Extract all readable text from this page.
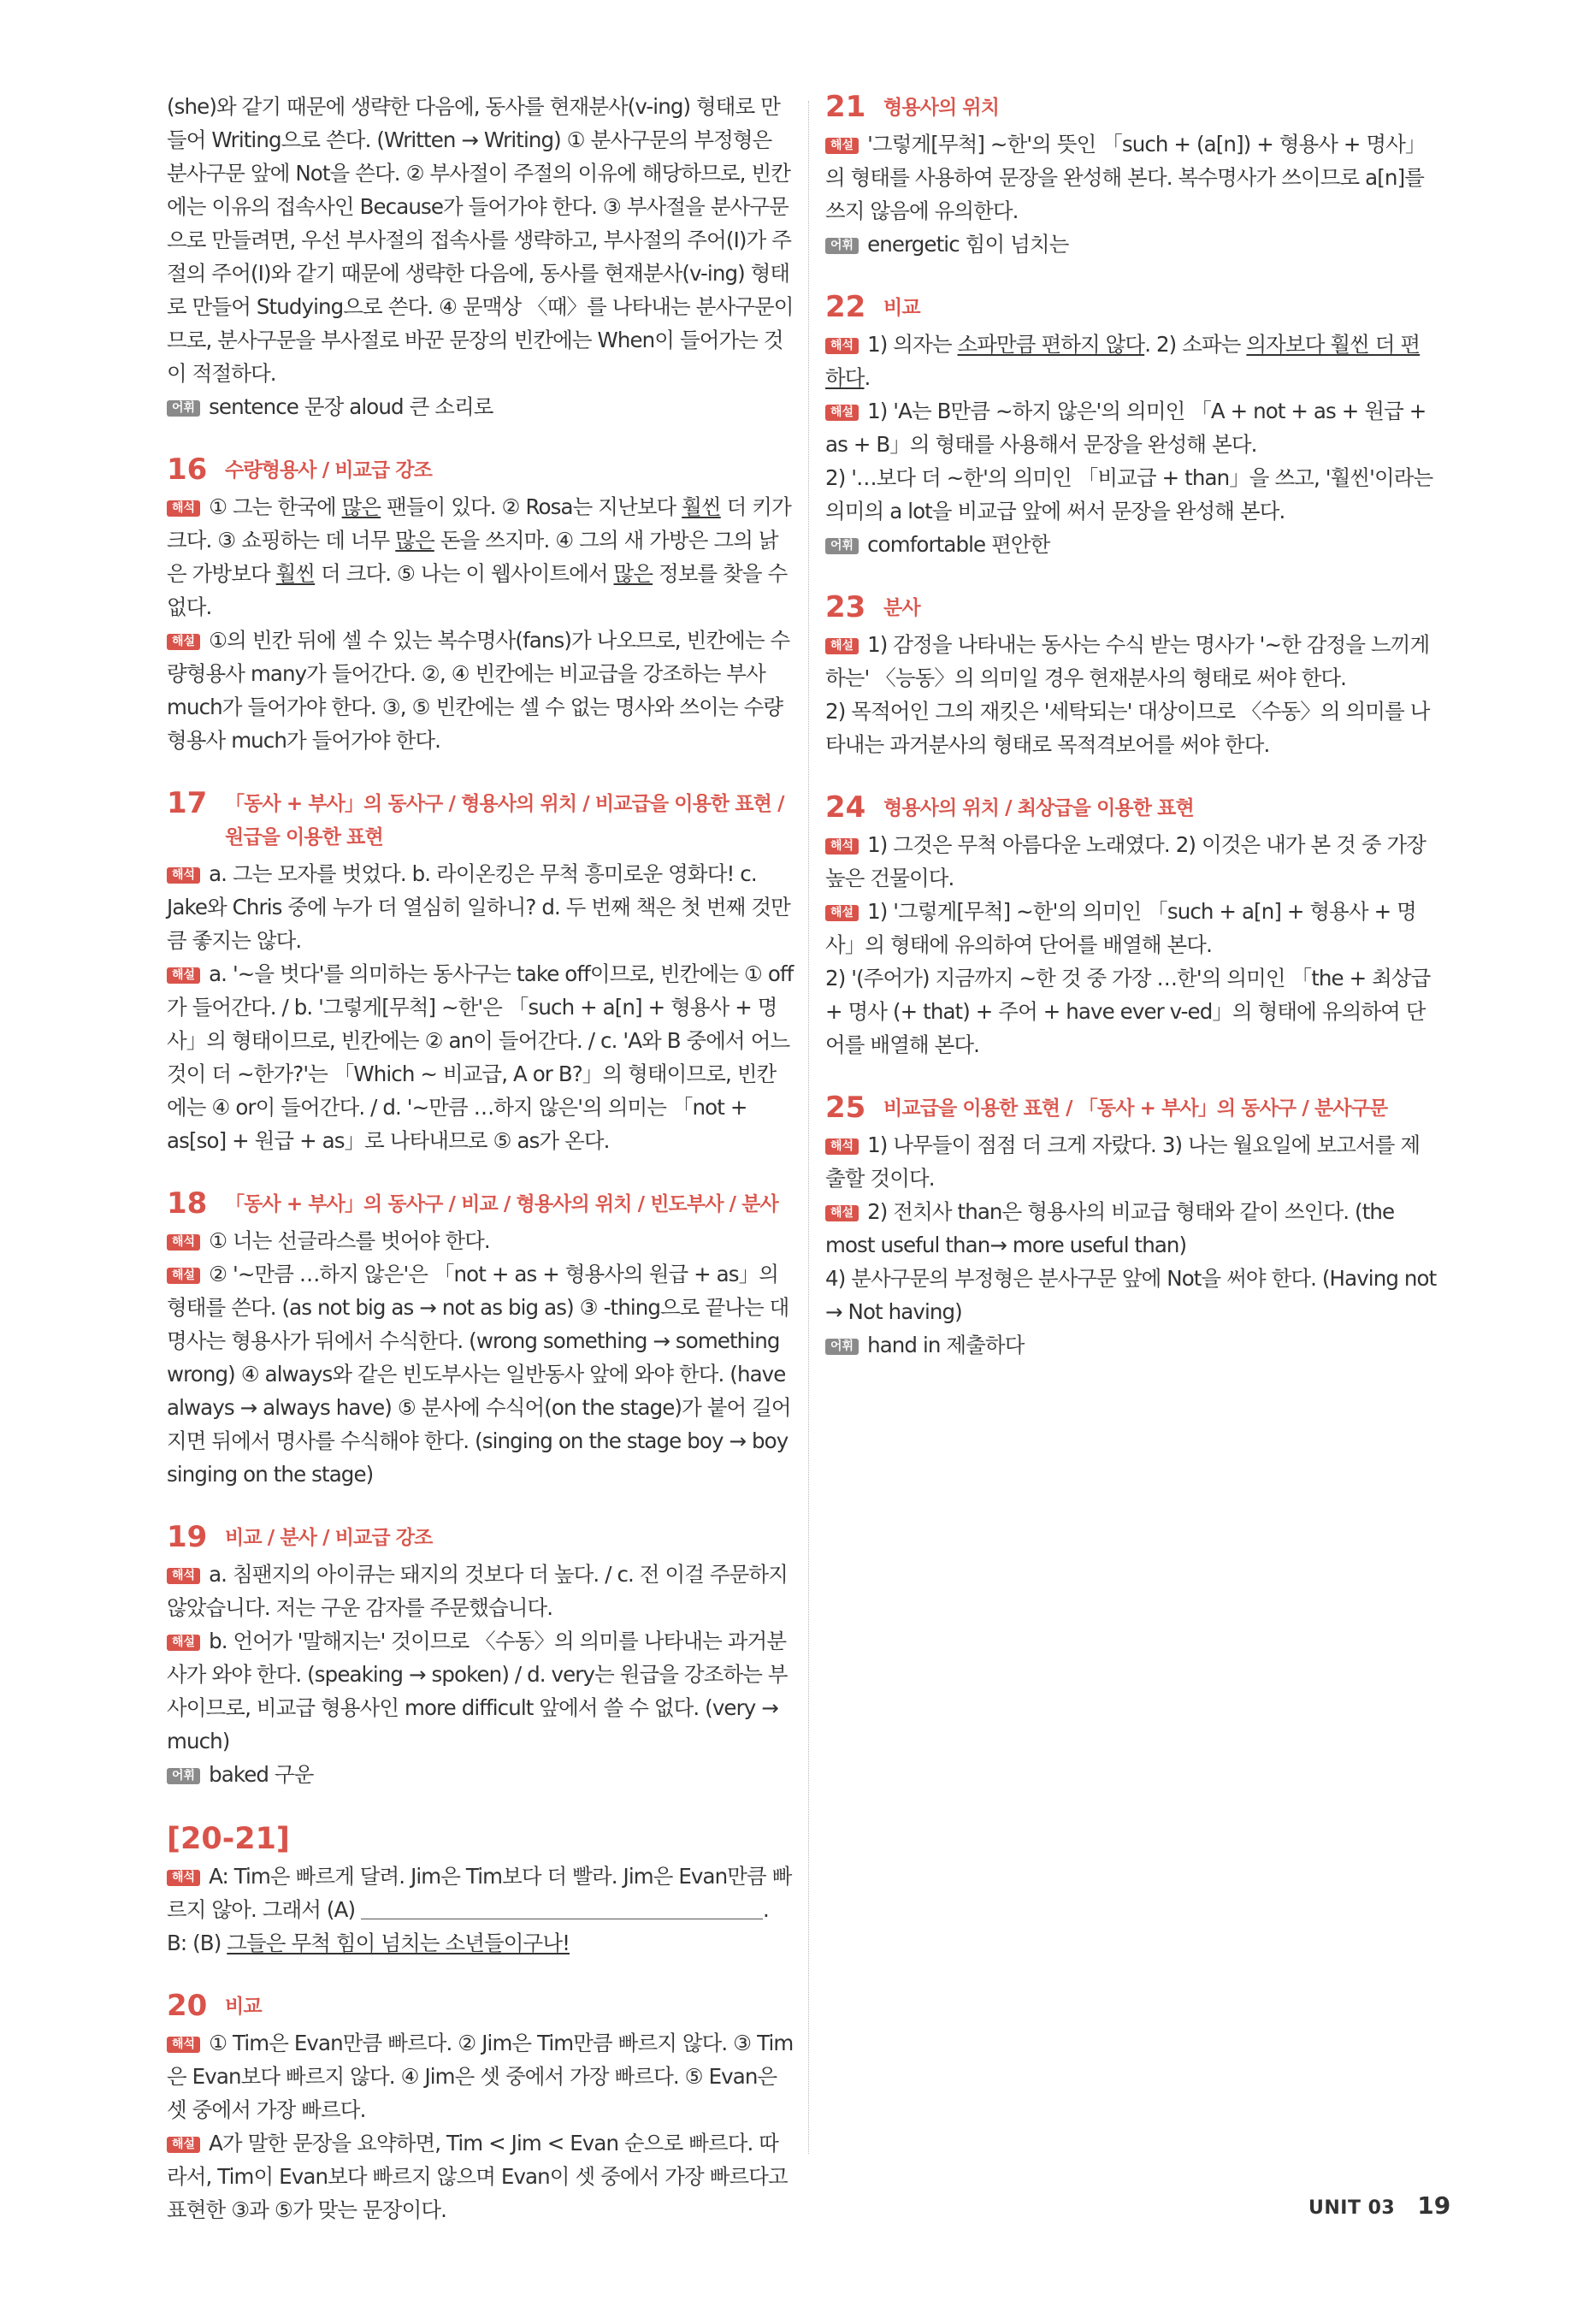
(she)와 같기 때문에 생략한 다음에, 동사를 현재분사(v-ing) 형태로 만들어 Writing으로 쓴다. (Written → Writing) ① 분사구문의 부정형은 분사구문 앞에 Not을 쓴다. ② 부사절이 주절의 이유에 해당하므로, 빈칸에는 이유의 접속사인 Because가 들어가야 한다. ③ 부사절을 분사구문으로 만들려면, 우선 부사절의 접속사를 생략하고, 부사절의 주어(I)가 주절의 주어(I)와 같기 때문에 생략한 다음에, 동사를 현재분사(v-ing) 형태로 만들어 Studying으로 쓴다. ④ 문맥상 〈때〉를 나타내는 분사구문이므로, 분사구문을 부사절로 바꾼 문장의 빈칸에는 When이 들어가는 것이 적절하다.

어휘 sentence 문장 aloud 큰 소리로

16 수량형용사 / 비교급 강조

해석 ① 그는 한국에 많은 팬들이 있다. ② Rosa는 지난보다 훨씬 더 키가 크다. ③ 쇼핑하는 데 너무 많은 돈을 쓰지마. ④ 그의 새 가방은 그의 낡은 가방보다 훨씬 더 크다. ⑤ 나는 이 웹사이트에서 많은 정보를 찾을 수 없다.

해설 ①의 빈칸 뒤에 셀 수 있는 복수명사(fans)가 나오므로, 빈칸에는 수량형용사 many가 들어간다. ②, ④ 빈칸에는 비교급을 강조하는 부사 much가 들어가야 한다. ③, ⑤ 빈칸에는 셀 수 없는 명사와 쓰이는 수량형용사 much가 들어가야 한다.

17 「동사 + 부사」의 동사구 / 형용사의 위치 / 비교급을 이용한 표현 / 원급을 이용한 표현

해석 a. 그는 모자를 벗었다. b. 라이온킹은 무척 흥미로운 영화다! c. Jake와 Chris 중에 누가 더 열심히 일하니? d. 두 번째 책은 첫 번째 것만큼 좋지는 않다.

해설 a. '~을 벗다'를 의미하는 동사구는 take off이므로, 빈칸에는 ① off가 들어간다. / b. '그렇게[무척] ~한'은 「such + a[n] + 형용사 + 명사」의 형태이므로, 빈칸에는 ② an이 들어간다. / c. 'A와 B 중에서 어느 것이 더 ~한가?'는 「Which ~ 비교급, A or B?」의 형태이므로, 빈칸에는 ④ or이 들어간다. / d. '~만큼 …하지 않은'의 의미는 「not + as[so] + 원급 + as」로 나타내므로 ⑤ as가 온다.

18 「동사 + 부사」의 동사구 / 비교 / 형용사의 위치 / 빈도부사 / 분사

해석 ① 너는 선글라스를 벗어야 한다.

해설 ② '~만큼 …하지 않은'은 「not + as + 형용사의 원급 + as」의 형태를 쓴다. (as not big as → not as big as) ③ -thing으로 끝나는 대명사는 형용사가 뒤에서 수식한다. (wrong something → something wrong) ④ always와 같은 빈도부사는 일반동사 앞에 와야 한다. (have always → always have) ⑤ 분사에 수식어(on the stage)가 붙어 길어지면 뒤에서 명사를 수식해야 한다. (singing on the stage boy → boy singing on the stage)

19 비교 / 분사 / 비교급 강조

해석 a. 침팬지의 아이큐는 돼지의 것보다 더 높다. / c. 전 이걸 주문하지 않았습니다. 저는 구운 감자를 주문했습니다.

해설 b. 언어가 '말해지는' 것이므로 〈수동〉의 의미를 나타내는 과거분사가 와야 한다. (speaking → spoken) / d. very는 원급을 강조하는 부사이므로, 비교급 형용사인 more difficult 앞에서 쓸 수 없다. (very → much)

어휘 baked 구운

[20-21]

해석 A: Tim은 빠르게 달려. Jim은 Tim보다 더 빨라. Jim은 Evan만큼 빠르지 않아. 그래서 (A)	.

B: (B) 그들은 무척 힘이 넘치는 소년들이구나!

20 비교

해석 ① Tim은 Evan만큼 빠르다. ② Jim은 Tim만큼 빠르지 않다. ③ Tim은 Evan보다 빠르지 않다. ④ Jim은 셋 중에서 가장 빠르다. ⑤ Evan은 셋 중에서 가장 빠르다.

해설 A가 말한 문장을 요약하면, Tim < Jim < Evan 순으로 빠르다. 따라서, Tim이 Evan보다 빠르지 않으며 Evan이 셋 중에서 가장 빠르다고 표현한 ③과 ⑤가 맞는 문장이다.

21 형용사의 위치

해설 '그렇게[무척] ~한'의 뜻인 「such + (a[n]) + 형용사 + 명사」의 형태를 사용하여 문장을 완성해 본다. 복수명사가 쓰이므로 a[n]를 쓰지 않음에 유의한다.

어휘 energetic 힘이 넘치는

22 비교

해석 1) 의자는 소파만큼 편하지 않다. 2) 소파는 의자보다 훨씬 더 편하다.

해설 1) 'A는 B만큼 ~하지 않은'의 의미인 「A + not + as + 원급 + as + B」의 형태를 사용해서 문장을 완성해 본다.

2) '…보다 더 ~한'의 의미인 「비교급 + than」을 쓰고, '훨씬'이라는 의미의 a lot을 비교급 앞에 써서 문장을 완성해 본다.

어휘 comfortable 편안한

23 분사

해설 1) 감정을 나타내는 동사는 수식 받는 명사가 '~한 감정을 느끼게 하는' 〈능동〉의 의미일 경우 현재분사의 형태로 써야 한다.

2) 목적어인 그의 재킷은 '세탁되는' 대상이므로 〈수동〉의 의미를 나타내는 과거분사의 형태로 목적격보어를 써야 한다.

24 형용사의 위치 / 최상급을 이용한 표현

해석 1) 그것은 무척 아름다운 노래였다. 2) 이것은 내가 본 것 중 가장 높은 건물이다.

해설 1) '그렇게[무척] ~한'의 의미인 「such + a[n] + 형용사 + 명사」의 형태에 유의하여 단어를 배열해 본다.

2) '(주어가) 지금까지 ~한 것 중 가장 …한'의 의미인 「the + 최상급 + 명사 (+ that) + 주어 + have ever v-ed」의 형태에 유의하여 단어를 배열해 본다.

25 비교급을 이용한 표현 / 「동사 + 부사」의 동사구 / 분사구문

해석 1) 나무들이 점점 더 크게 자랐다. 3) 나는 월요일에 보고서를 제출할 것이다.

해설 2) 전치사 than은 형용사의 비교급 형태와 같이 쓰인다. (the most useful than→ more useful than)

4) 분사구문의 부정형은 분사구문 앞에 Not을 써야 한다. (Having not → Not having)

어휘 hand in 제출하다

UNIT 03 19
